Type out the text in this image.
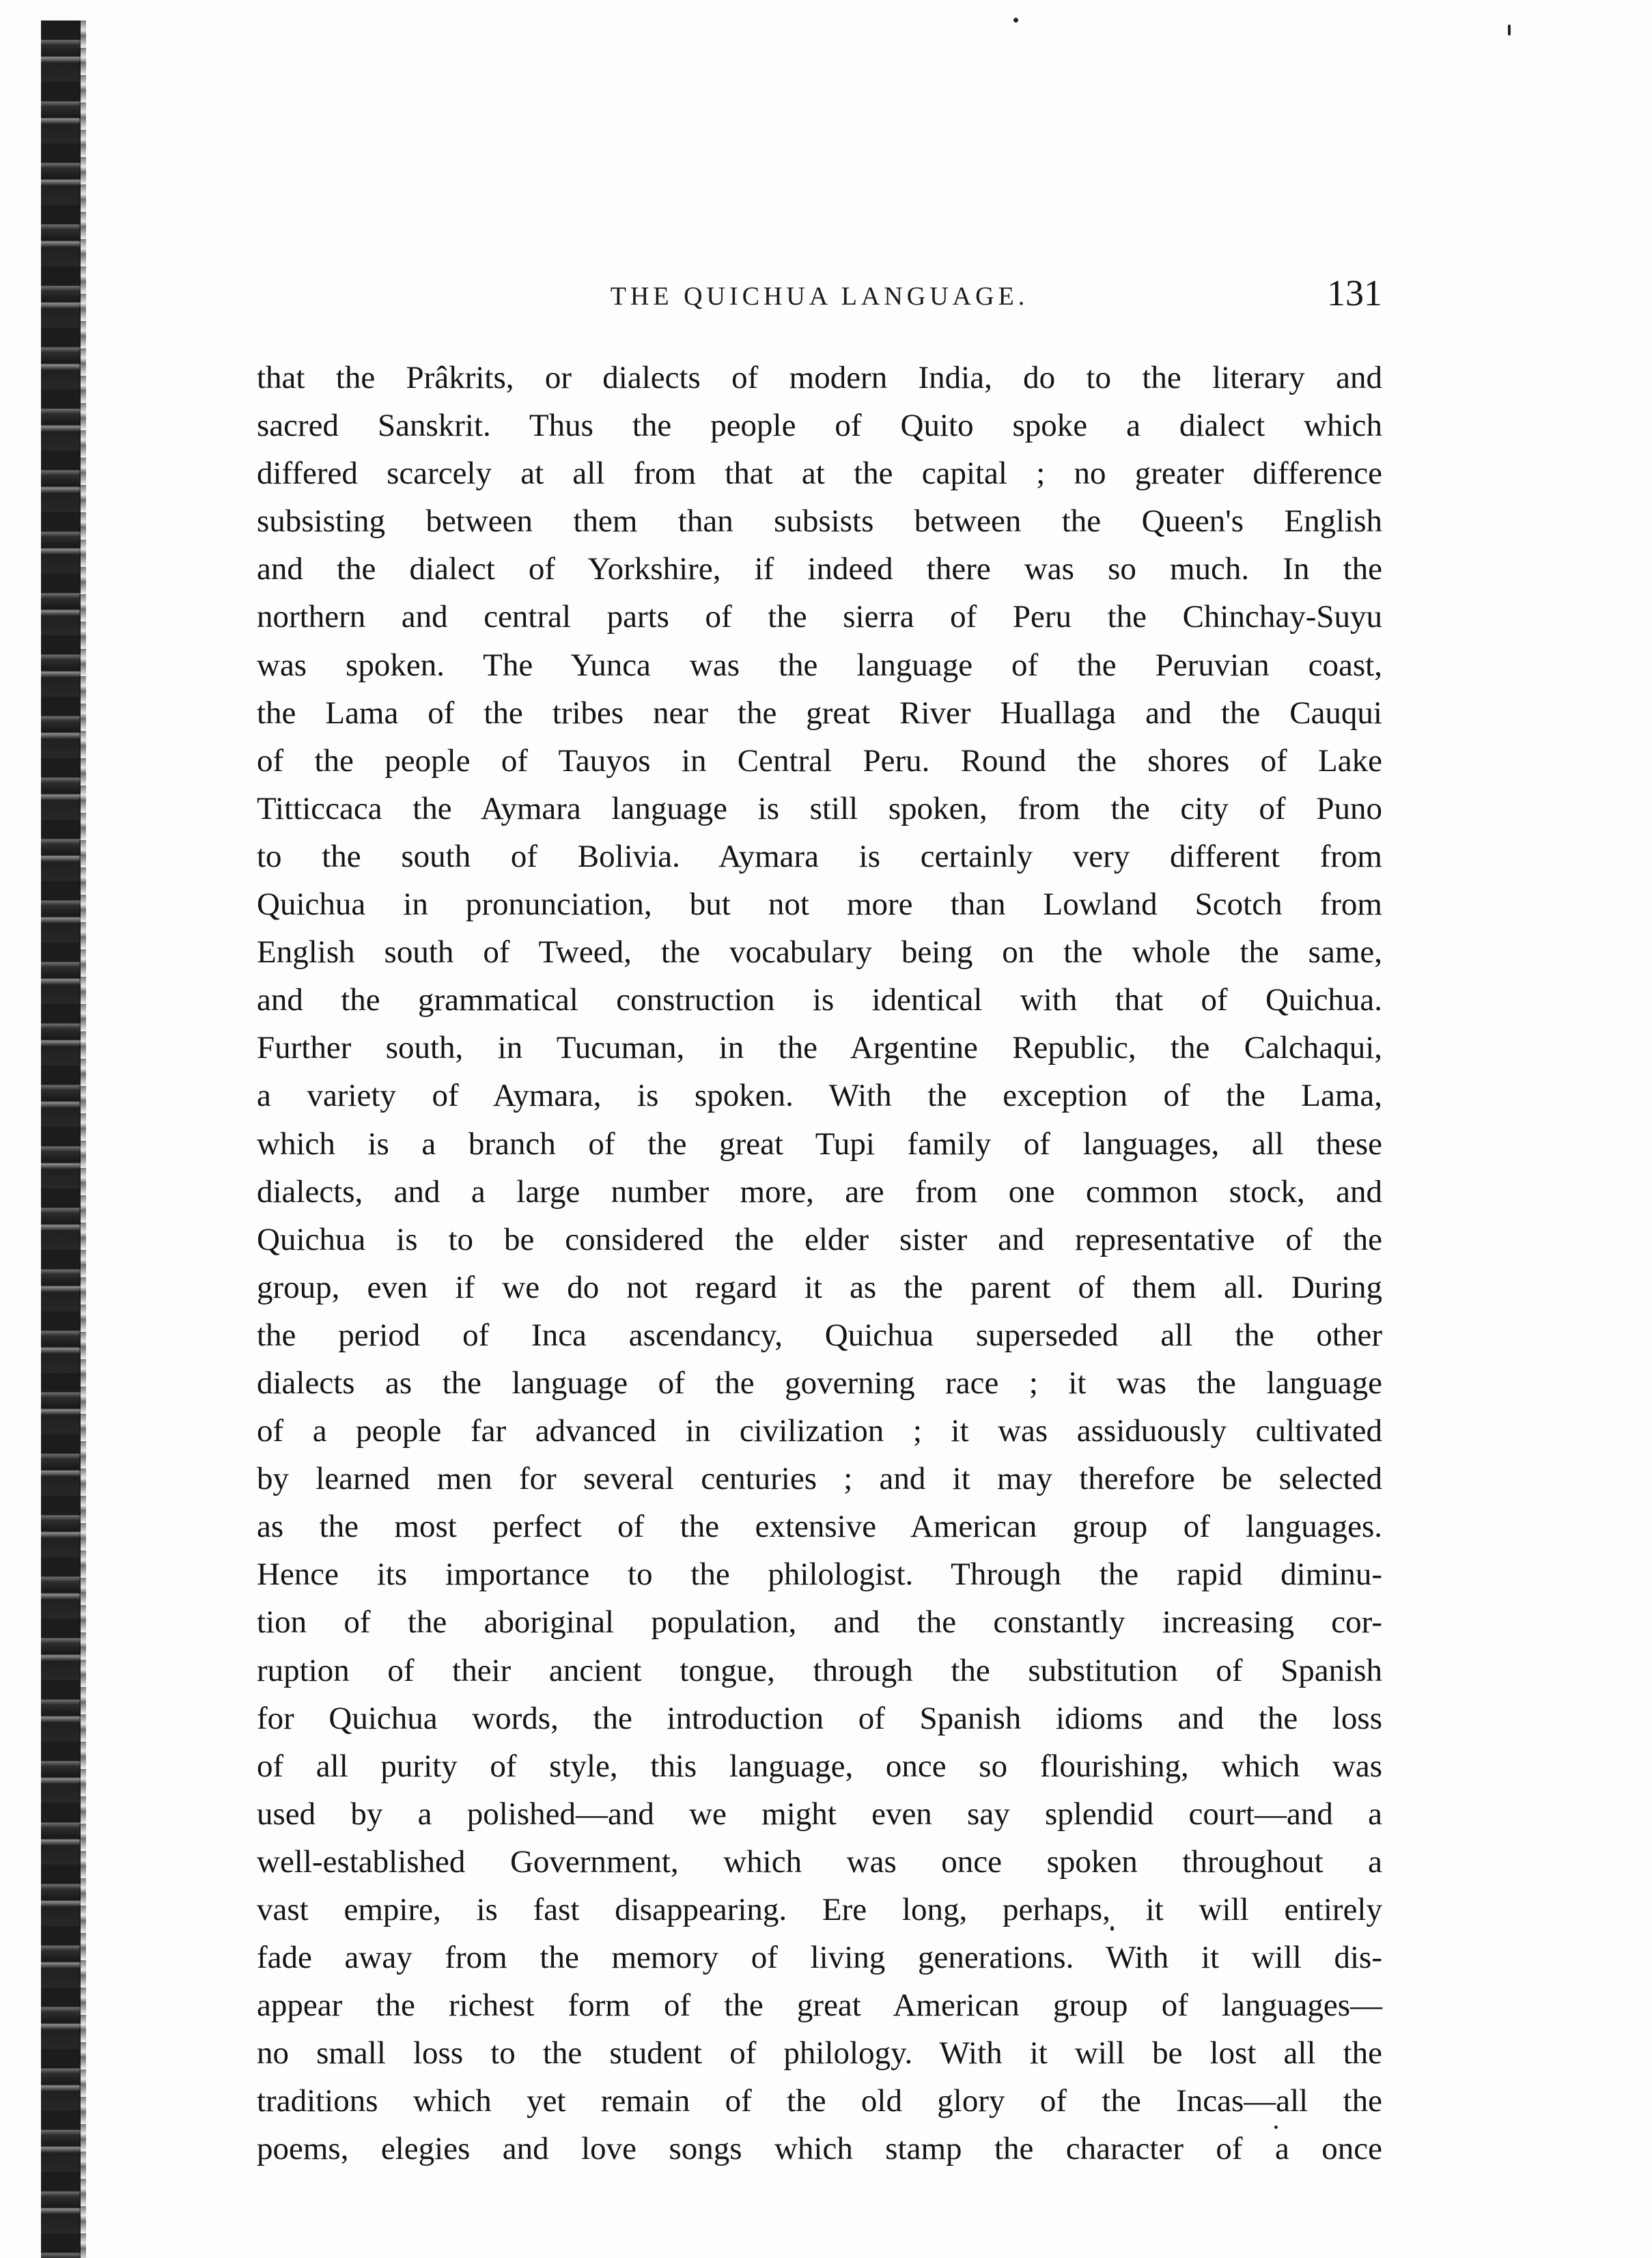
THE QUICHUA LANGUAGE.	131
that the Prâkrits, or dialects of modern India, do to the literary and
sacred Sanskrit. Thus the people of Quito spoke a dialect which
differed scarcely at all from that at the capital ; no greater difference
subsisting between them than subsists between the Queen's English
and the dialect of Yorkshire, if indeed there was so much. In the
northern and central parts of the sierra of Peru the Chinchay-Suyu
was spoken. The Yunca was the language of the Peruvian coast,
the Lama of the tribes near the great River Huallaga and the Cauqui
of the people of Tauyos in Central Peru. Round the shores of Lake
Titticcaca the Aymara language is still spoken, from the city of Puno
to the south of Bolivia. Aymara is certainly very different from
Quichua in pronunciation, but not more than Lowland Scotch from
English south of Tweed, the vocabulary being on the whole the same,
and the grammatical construction is identical with that of Quichua.
Further south, in Tucuman, in the Argentine Republic, the Calchaqui,
a variety of Aymara, is spoken. With the exception of the Lama,
which is a branch of the great Tupi family of languages, all these
dialects, and a large number more, are from one common stock, and
Quichua is to be considered the elder sister and representative of the
group, even if we do not regard it as the parent of them all. During
the period of Inca ascendancy, Quichua superseded all the other
dialects as the language of the governing race ; it was the language
of a people far advanced in civilization ; it was assiduously cultivated
by learned men for several centuries ; and it may therefore be selected
as the most perfect of the extensive American group of languages.
Hence its importance to the philologist. Through the rapid diminu-
tion of the aboriginal population, and the constantly increasing cor-
ruption of their ancient tongue, through the substitution of Spanish
for Quichua words, the introduction of Spanish idioms and the loss
of all purity of style, this language, once so flourishing, which was
used by a polished—and we might even say splendid court—and a
well-established Government, which was once spoken throughout a
vast empire, is fast disappearing. Ere long, perhaps, it will entirely
fade away from the memory of living generations. With it will dis-
appear the richest form of the great American group of languages—
no small loss to the student of philology. With it will be lost all the
traditions which yet remain of the old glory of the Incas—all the
poems, elegies and love songs which stamp the character of a once
